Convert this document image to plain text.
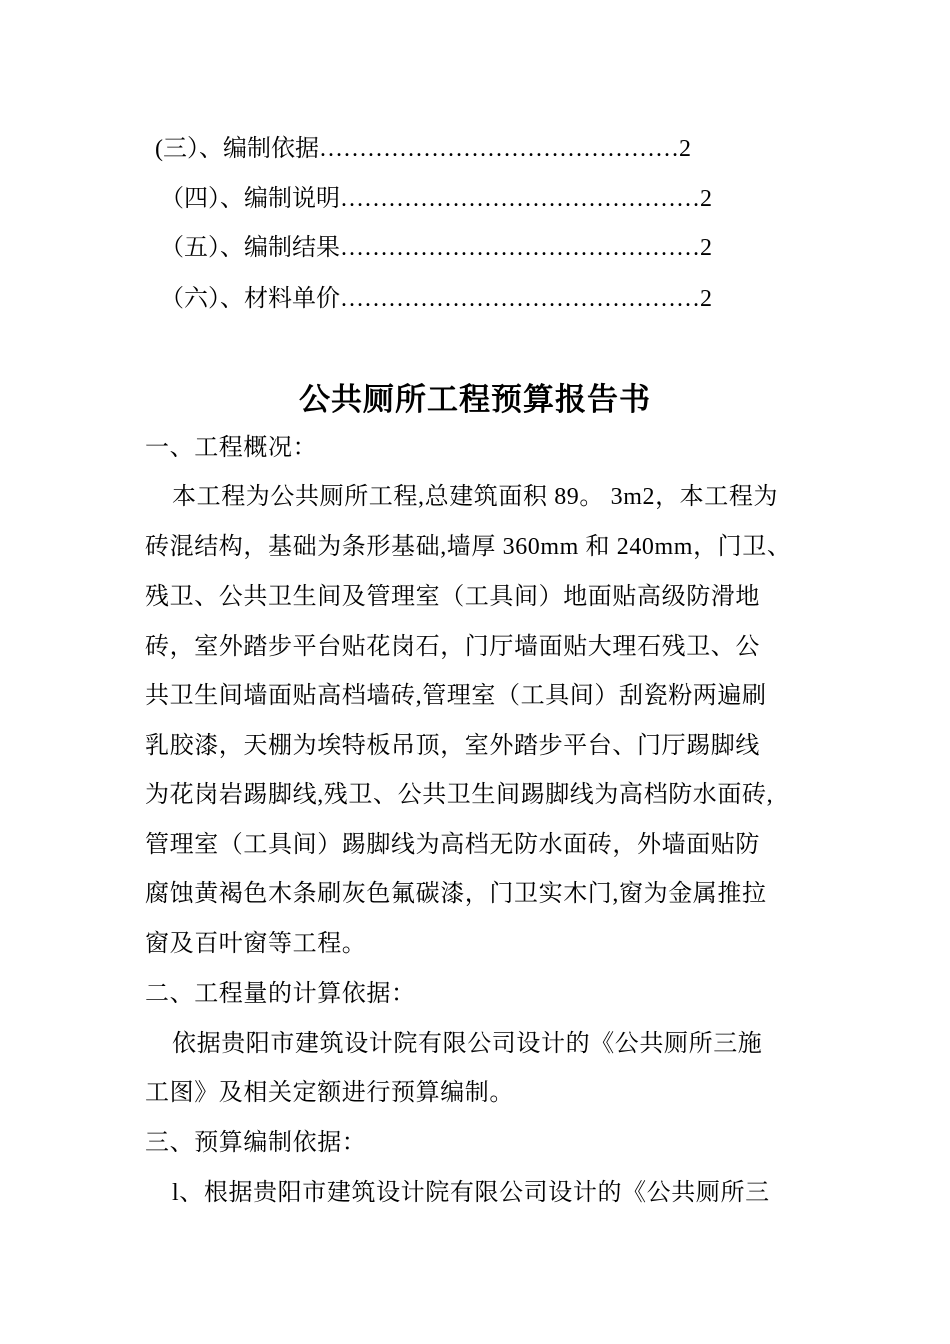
(三）、编制依据………………………………………2
（四）、编制说明………………………………………2
（五）、编制结果………………………………………2
（六）、材料单价………………………………………2
公共厕所工程预算报告书
一、工程概况：
本工程为公共厕所工程,总建筑面积 89。 3m2，本工程为
砖混结构，基础为条形基础,墙厚 360mm 和 240mm，门卫、
残卫、公共卫生间及管理室（工具间）地面贴高级防滑地
砖，室外踏步平台贴花岗石，门厅墙面贴大理石残卫、公
共卫生间墙面贴高档墙砖,管理室（工具间）刮瓷粉两遍刷
乳胶漆，天棚为埃特板吊顶，室外踏步平台、门厅踢脚线
为花岗岩踢脚线,残卫、公共卫生间踢脚线为高档防水面砖,
管理室（工具间）踢脚线为高档无防水面砖，外墙面贴防
腐蚀黄褐色木条刷灰色氟碳漆，门卫实木门,窗为金属推拉
窗及百叶窗等工程。
二、工程量的计算依据：
依据贵阳市建筑设计院有限公司设计的《公共厕所三施
工图》及相关定额进行预算编制。
三、预算编制依据：
l、根据贵阳市建筑设计院有限公司设计的《公共厕所三
